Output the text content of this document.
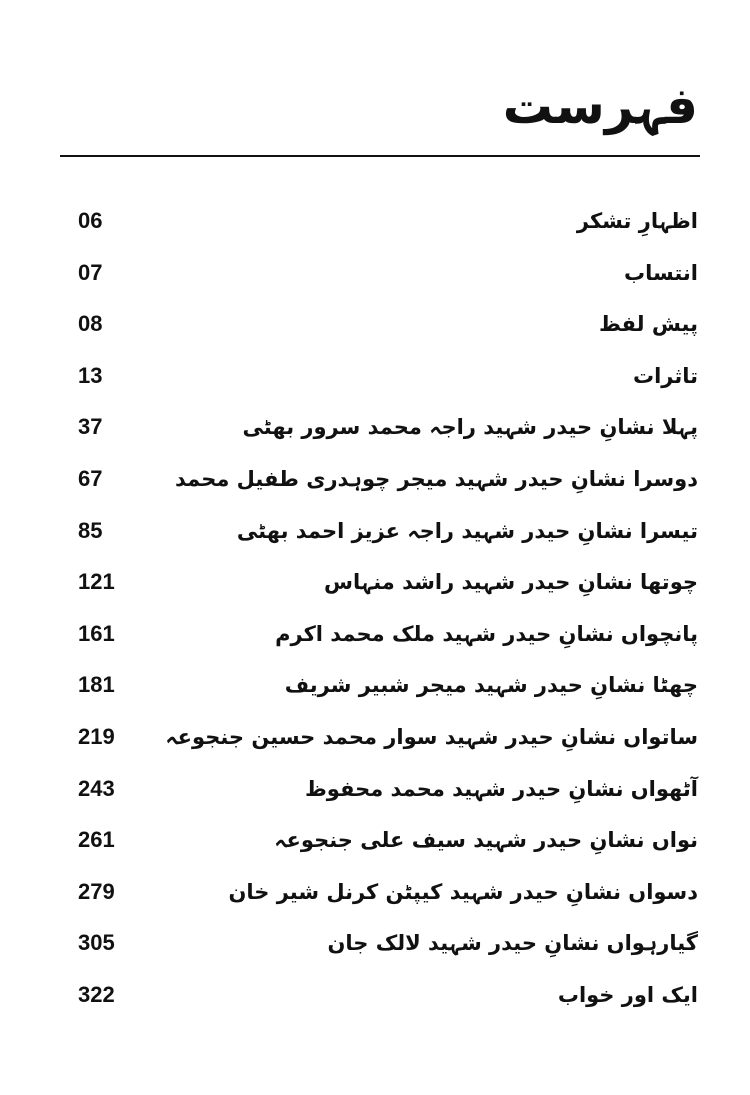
فہرست
اظہارِ تشکر
06
انتساب
07
پیش لفظ
08
تاثرات
13
پہلا نشانِ حیدر شہید راجہ محمد سرور بھٹی
37
دوسرا نشانِ حیدر شہید میجر چوہدری طفیل محمد
67
تیسرا نشانِ حیدر شہید راجہ عزیز احمد بھٹی
85
چوتھا نشانِ حیدر شہید راشد منہاس
121
پانچواں نشانِ حیدر شہید ملک محمد اکرم
161
چھٹا نشانِ حیدر شہید میجر شبیر شریف
181
ساتواں نشانِ حیدر شہید سوار محمد حسین جنجوعہ
219
آٹھواں نشانِ حیدر شہید محمد محفوظ
243
نواں نشانِ حیدر شہید سیف علی جنجوعہ
261
دسواں نشانِ حیدر شہید کیپٹن کرنل شیر خان
279
گیارہواں نشانِ حیدر شہید لالک جان
305
ایک اور خواب
322
